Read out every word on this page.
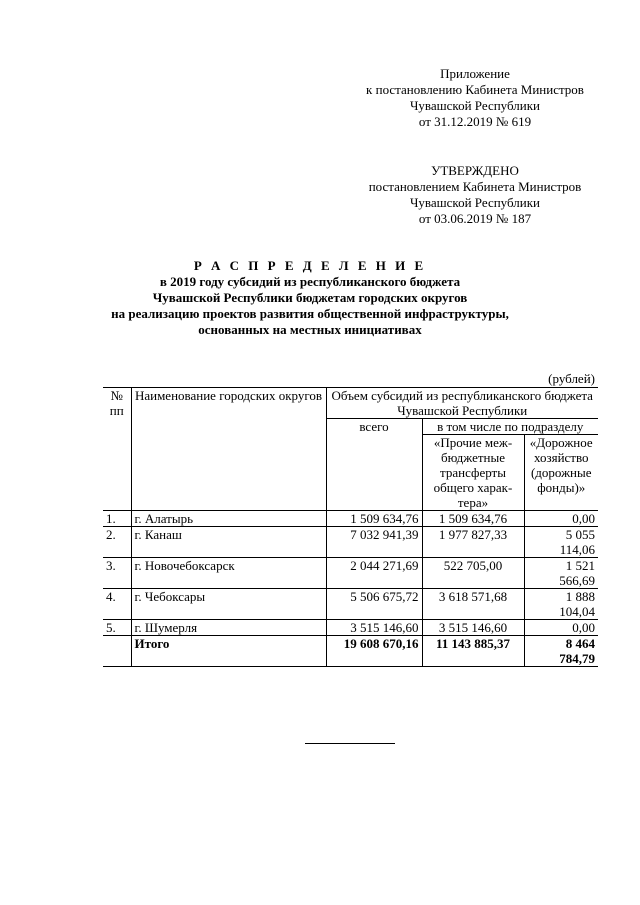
Приложение
к постановлению Кабинета Министров
Чувашской Республики
от 31.12.2019 № 619
УТВЕРЖДЕНО
постановлением Кабинета Министров
Чувашской Республики
от 03.06.2019 № 187
Р А С П Р Е Д Е Л Е Н И Е
в 2019 году субсидий из республиканского бюджета
Чувашской Республики бюджетам городских округов
на реализацию проектов развития общественной инфраструктуры,
основанных на местных инициативах
(рублей)
№ пп	Наименование городских округов	Объем субсидий из республиканского бюджета Чувашской Республики		
		всего	в том числе по подразделу	
			«Прочие меж-бюджетные трансферты общего харак-тера»	«Дорожное хозяйство (дорожные фонды)»
1.	г. Алатырь	1 509 634,76	1 509 634,76	0,00
2.	г. Канаш	7 032 941,39	1 977 827,33	5 055 114,06
3.	г. Новочебоксарск	2 044 271,69	522 705,00	1 521 566,69
4.	г. Чебоксары	5 506 675,72	3 618 571,68	1 888 104,04
5.	г. Шумерля	3 515 146,60	3 515 146,60	0,00
	Итого	19 608 670,16	11 143 885,37	8 464 784,79
